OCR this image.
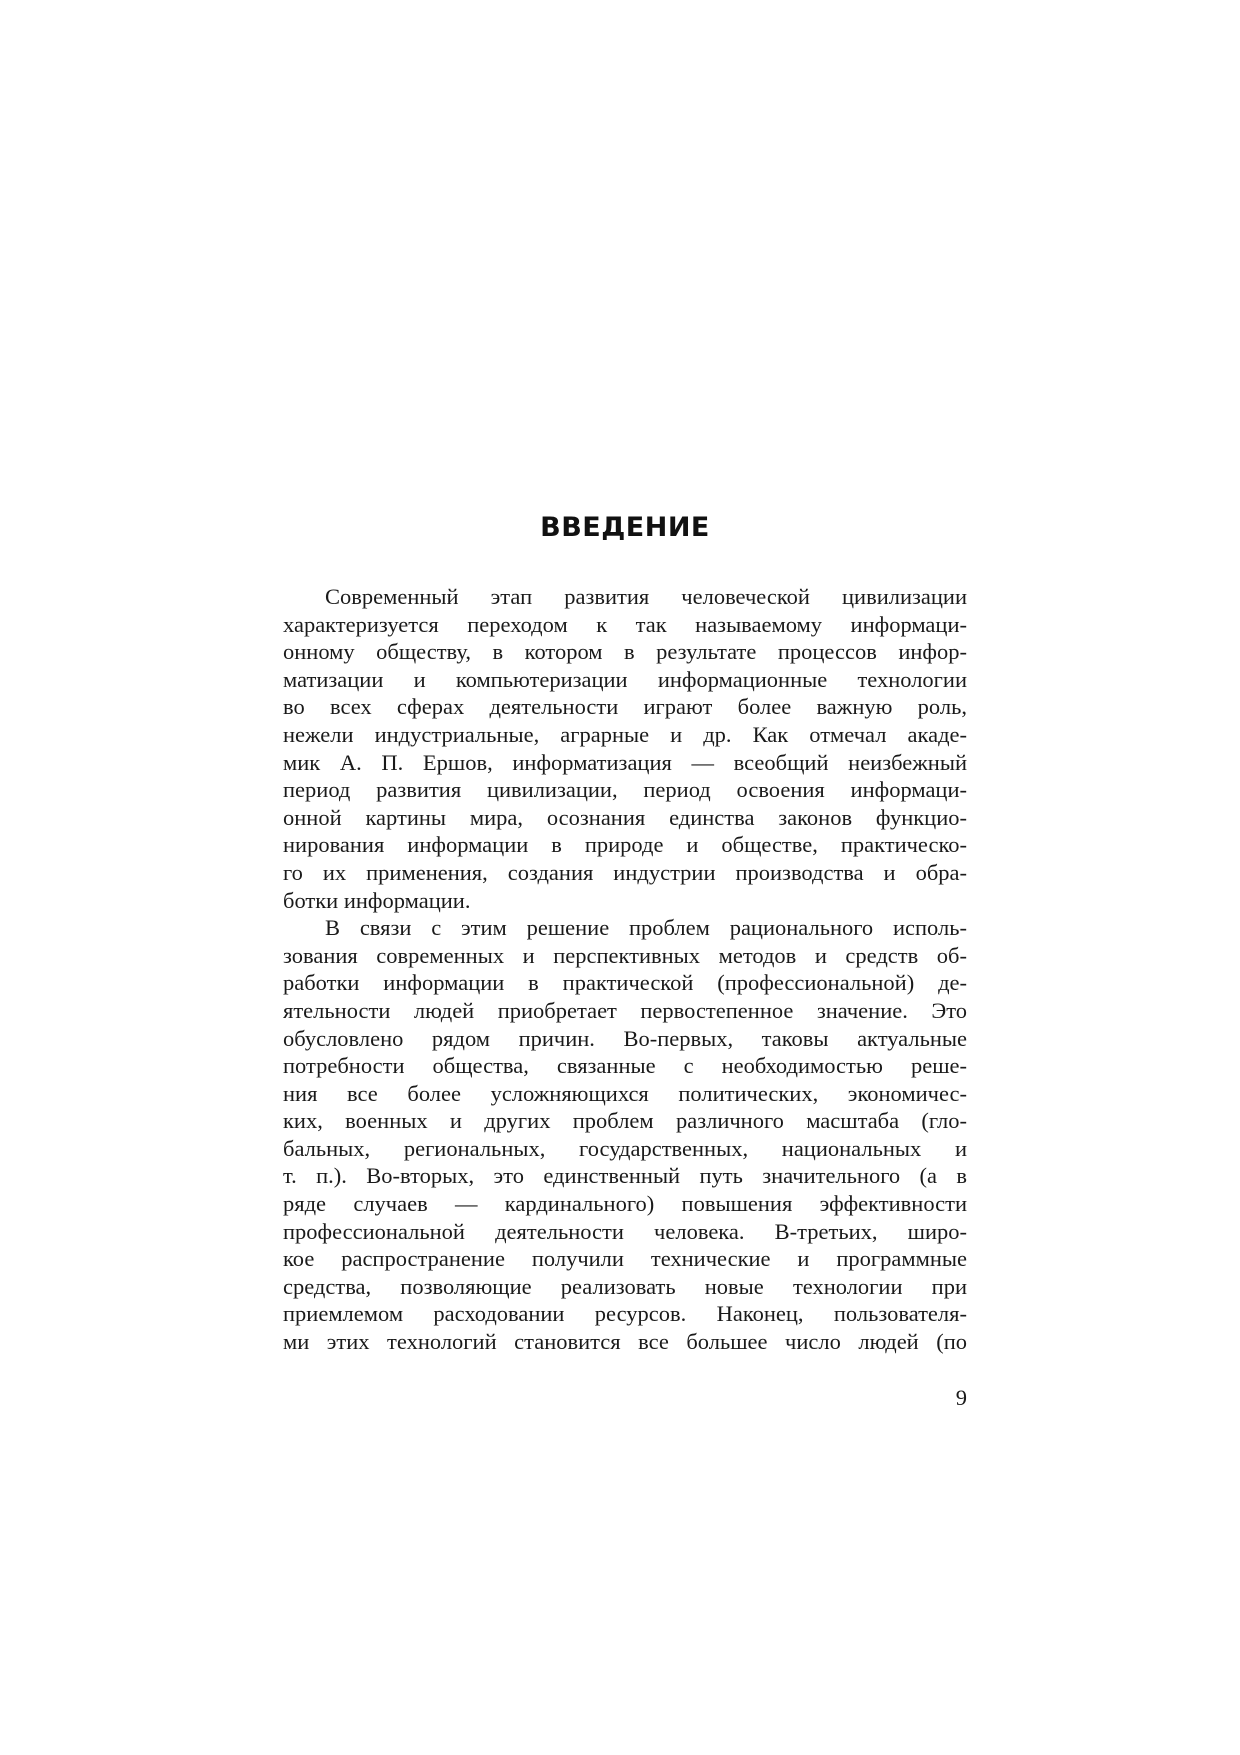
ВВЕДЕНИЕ
Современный этап развития человеческой цивилизации
характеризуется переходом к так называемому информаци-
онному обществу, в котором в результате процессов инфор-
матизации и компьютеризации информационные технологии
во всех сферах деятельности играют более важную роль,
нежели индустриальные, аграрные и др. Как отмечал акаде-
мик А. П. Ершов, информатизация — всеобщий неизбежный
период развития цивилизации, период освоения информаци-
онной картины мира, осознания единства законов функцио-
нирования информации в природе и обществе, практическо-
го их применения, создания индустрии производства и обра-
ботки информации.
В связи с этим решение проблем рационального исполь-
зования современных и перспективных методов и средств об-
работки информации в практической (профессиональной) де-
ятельности людей приобретает первостепенное значение. Это
обусловлено рядом причин. Во-первых, таковы актуальные
потребности общества, связанные с необходимостью реше-
ния все более усложняющихся политических, экономичес-
ких, военных и других проблем различного масштаба (гло-
бальных, региональных, государственных, национальных и
т. п.). Во-вторых, это единственный путь значительного (а в
ряде случаев — кардинального) повышения эффективности
профессиональной деятельности человека. В-третьих, широ-
кое распространение получили технические и программные
средства, позволяющие реализовать новые технологии при
приемлемом расходовании ресурсов. Наконец, пользователя-
ми этих технологий становится все большее число людей (по
9
